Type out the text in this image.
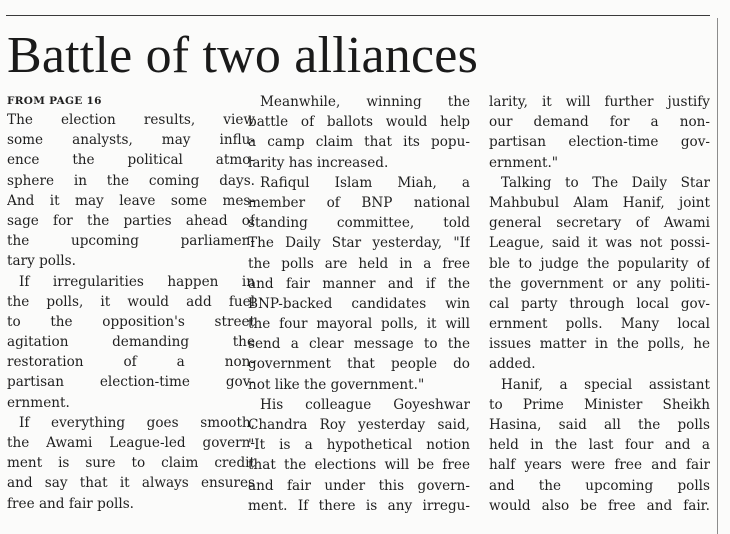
Battle of two alliances
FROM PAGE 16
The election results, view
some analysts, may influ-
ence the political atmo-
sphere in the coming days.
And it may leave some mes-
sage for the parties ahead of
the upcoming parliamen-
tary polls.
If irregularities happen in
the polls, it would add fuel
to the opposition's street
agitation demanding the
restoration of a non-
partisan election-time gov-
ernment.
If everything goes smooth,
the Awami League-led govern-
ment is sure to claim credit
and say that it always ensures
free and fair polls.
Meanwhile, winning the
battle of ballots would help
a camp claim that its popu-
larity has increased.
Rafiqul Islam Miah, a
member of BNP national
standing committee, told
The Daily Star yesterday, "If
the polls are held in a free
and fair manner and if the
BNP-backed candidates win
the four mayoral polls, it will
send a clear message to the
government that people do
not like the government."
His colleague Goyeshwar
Chandra Roy yesterday said,
"It is a hypothetical notion
that the elections will be free
and fair under this govern-
ment. If there is any irregu-
larity, it will further justify
our demand for a non-
partisan election-time gov-
ernment."
Talking to The Daily Star
Mahbubul Alam Hanif, joint
general secretary of Awami
League, said it was not possi-
ble to judge the popularity of
the government or any politi-
cal party through local gov-
ernment polls. Many local
issues matter in the polls, he
added.
Hanif, a special assistant
to Prime Minister Sheikh
Hasina, said all the polls
held in the last four and a
half years were free and fair
and the upcoming polls
would also be free and fair.
